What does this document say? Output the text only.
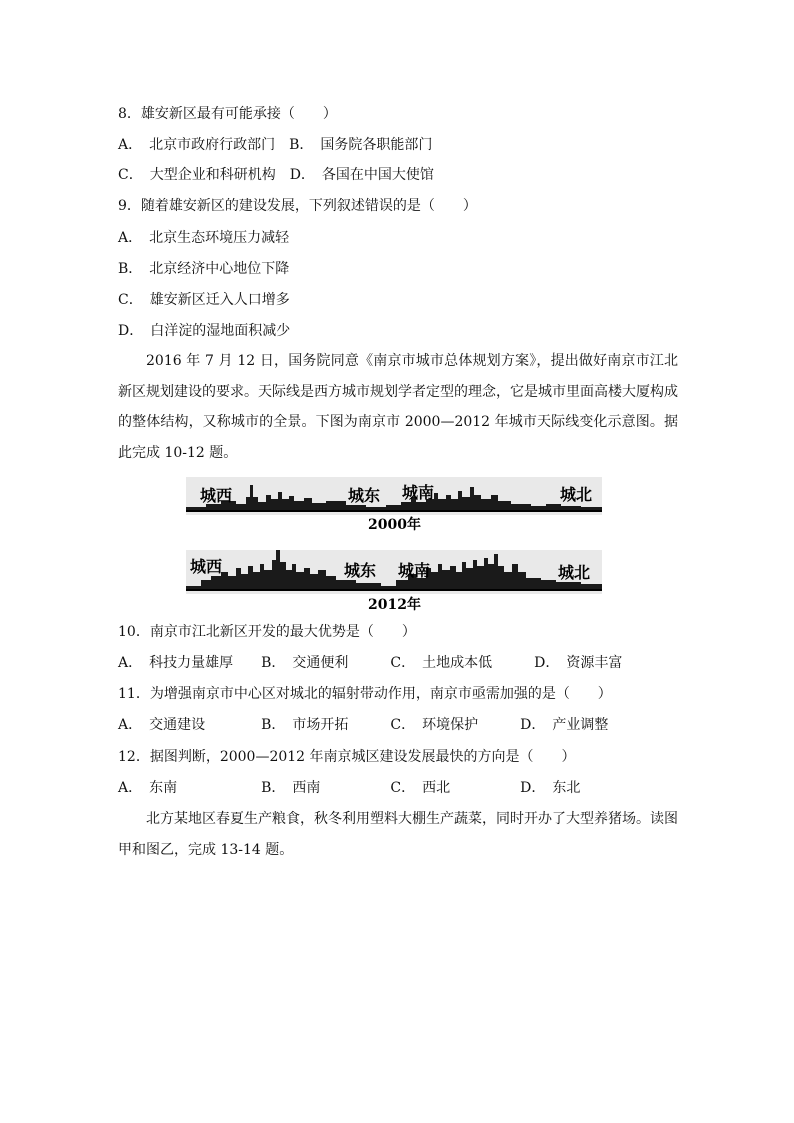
8．雄安新区最有可能承接（　　）
A．　北京市政府行政部门　B．　国务院各职能部门
C．　大型企业和科研机构　D．　各国在中国大使馆
9．随着雄安新区的建设发展，下列叙述错误的是（　　）
A．　北京生态环境压力减轻
B．　北京经济中心地位下降
C．　雄安新区迁入人口增多
D．　白洋淀的湿地面积减少
2016 年 7 月 12 日，国务院同意《南京市城市总体规划方案》，提出做好南京市江北新区规划建设的要求。天际线是西方城市规划学者定型的理念，它是城市里面高楼大厦构成的整体结构，又称城市的全景。下图为南京市 2000—2012 年城市天际线变化示意图。据此完成 10-12 题。
城西	城东 城南	城北
2000年
城西	城东 城南	城北
2012年
10．南京市江北新区开发的最大优势是（　　）
A．　科技力量雄厚　　B．　交通便利　　　C．　土地成本低　　　D．　资源丰富
11．为增强南京市中心区对城北的辐射带动作用，南京市亟需加强的是（　　）
A．　交通建设　　　　B．　市场开拓　　　C．　环境保护　　　D．　产业调整
12．据图判断，2000—2012 年南京城区建设发展最快的方向是（　　）
A．　东南　　　　　　B．　西南　　　　　C．　西北　　　　　D．　东北
北方某地区春夏生产粮食，秋冬利用塑料大棚生产蔬菜，同时开办了大型养猪场。读图甲和图乙，完成 13-14 题。
